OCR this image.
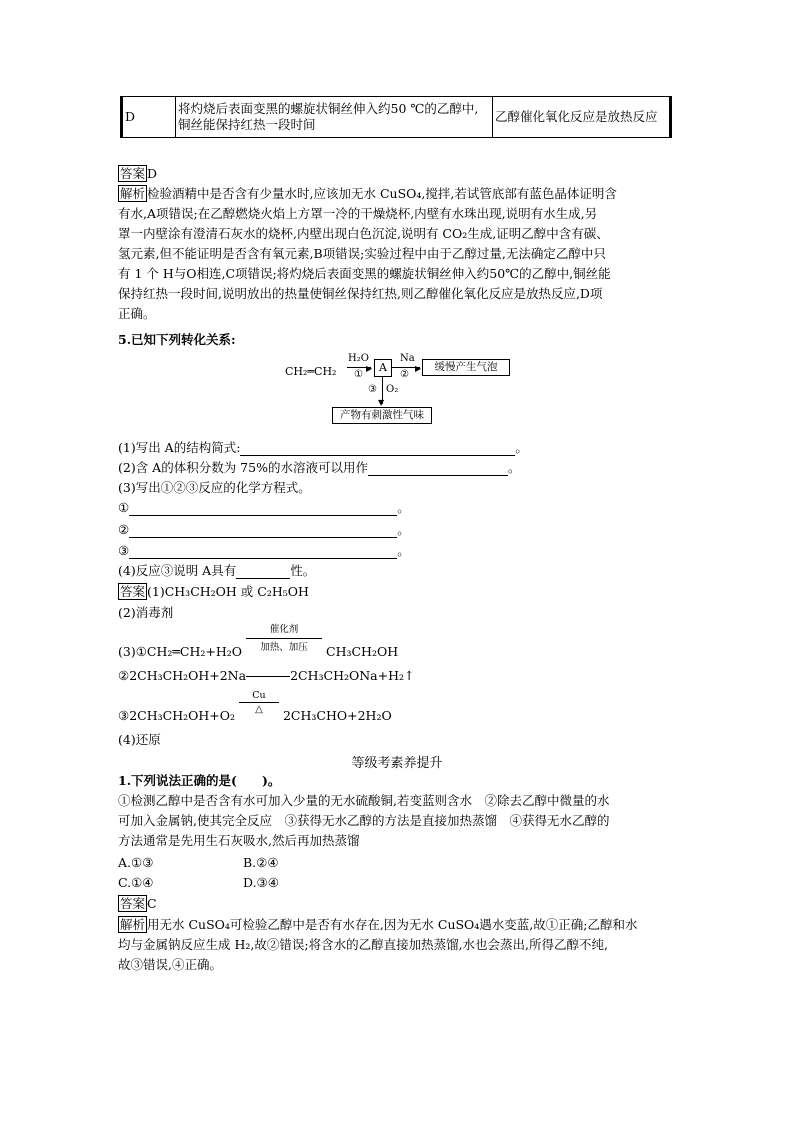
D	将灼烧后表面变黑的螺旋状铜丝伸入约50 ℃的乙醇中,铜丝能保持红热一段时间	乙醇催化氧化反应是放热反应
答案 D
解析 检验酒精中是否含有少量水时,应该加无水 CuSO₄,搅拌,若试管底部有蓝色晶体证明含
有水,A项错误;在乙醇燃烧火焰上方罩一冷的干燥烧杯,内壁有水珠出现,说明有水生成,另
罩一内壁涂有澄清石灰水的烧杯,内壁出现白色沉淀,说明有 CO₂生成,证明乙醇中含有碳、
氢元素,但不能证明是否含有氧元素,B项错误;实验过程中由于乙醇过量,无法确定乙醇中只
有 1 个 H与O相连,C项错误;将灼烧后表面变黑的螺旋状铜丝伸入约50℃的乙醇中,铜丝能
保持红热一段时间,说明放出的热量使铜丝保持红热,则乙醇催化氧化反应是放热反应,D项
正确。
5.已知下列转化关系:
CH₂═CH₂
H₂O
▶
①
A
Na
▶
②
缓慢产生气泡
▼
③ O₂
产物有刺激性气味
(1)写出 A的结构简式:	。
(2)含 A的体积分数为 75%的水溶液可以用作	。
(3)写出①②③反应的化学方程式。
①	。
②	。
③	。
(4)反应③说明 A具有	性。
答案 (1)CH₃CH₂OH 或 C₂H₅OH
(2)消毒剂
(3)①CH₂═CH₂+H₂O
催化剂
加热、加压	CH₃CH₂OH
②2CH₃CH₂OH+2Na	2CH₃CH₂ONa+H₂↑
③2CH₃CH₂OH+O₂
Cu
△	2CH₃CHO+2H₂O
(4)还原
等级考素养提升
1.下列说法正确的是(　　)。
①检测乙醇中是否含有水可加入少量的无水硫酸铜,若变蓝则含水　②除去乙醇中微量的水
可加入金属钠,使其完全反应　③获得无水乙醇的方法是直接加热蒸馏　④获得无水乙醇的
方法通常是先用生石灰吸水,然后再加热蒸馏
A.①③	B.②④
C.①④	D.③④
答案 C
解析 用无水 CuSO₄可检验乙醇中是否有水存在,因为无水 CuSO₄遇水变蓝,故①正确;乙醇和水
均与金属钠反应生成 H₂,故②错误;将含水的乙醇直接加热蒸馏,水也会蒸出,所得乙醇不纯,
故③错误,④正确。
